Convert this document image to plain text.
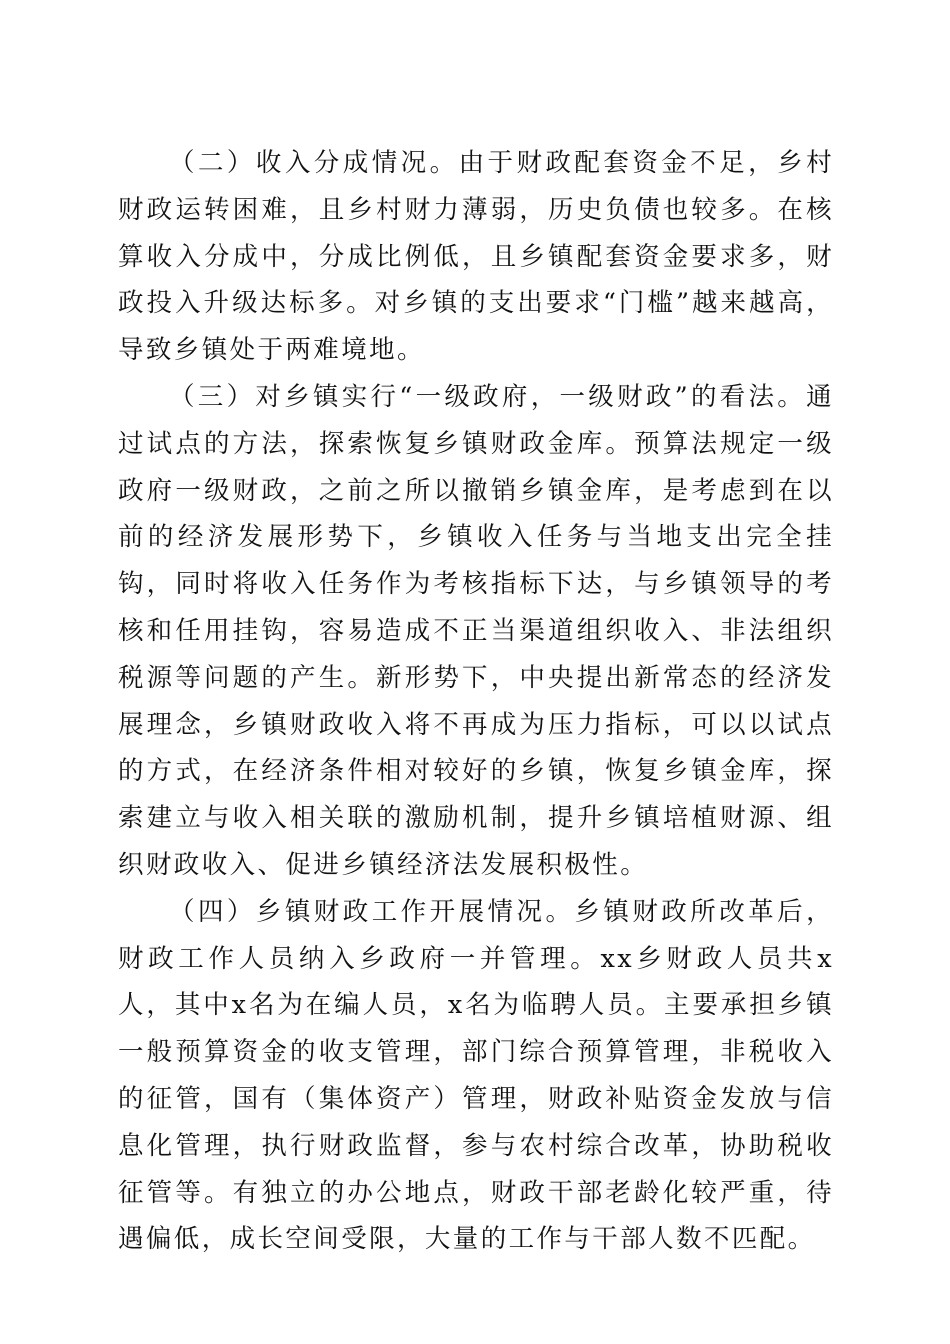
（二）收入分成情况。由于财政配套资金不足，乡村财政运转困难，且乡村财力薄弱，历史负债也较多。在核算收入分成中，分成比例低，且乡镇配套资金要求多，财政投入升级达标多。对乡镇的支出要求“门槛”越来越高，导致乡镇处于两难境地。

（三）对乡镇实行“一级政府，一级财政”的看法。通过试点的方法，探索恢复乡镇财政金库。预算法规定一级政府一级财政，之前之所以撤销乡镇金库，是考虑到在以前的经济发展形势下，乡镇收入任务与当地支出完全挂钩，同时将收入任务作为考核指标下达，与乡镇领导的考核和任用挂钩，容易造成不正当渠道组织收入、非法组织税源等问题的产生。新形势下，中央提出新常态的经济发展理念，乡镇财政收入将不再成为压力指标，可以以试点的方式，在经济条件相对较好的乡镇，恢复乡镇金库，探索建立与收入相关联的激励机制，提升乡镇培植财源、组织财政收入、促进乡镇经济法发展积极性。

（四）乡镇财政工作开展情况。乡镇财政所改革后，财政工作人员纳入乡政府一并管理。xx乡财政人员共x人，其中x名为在编人员，x名为临聘人员。主要承担乡镇一般预算资金的收支管理，部门综合预算管理，非税收入的征管，国有（集体资产）管理，财政补贴资金发放与信息化管理，执行财政监督，参与农村综合改革，协助税收征管等。有独立的办公地点，财政干部老龄化较严重，待遇偏低，成长空间受限，大量的工作与干部人数不匹配。
